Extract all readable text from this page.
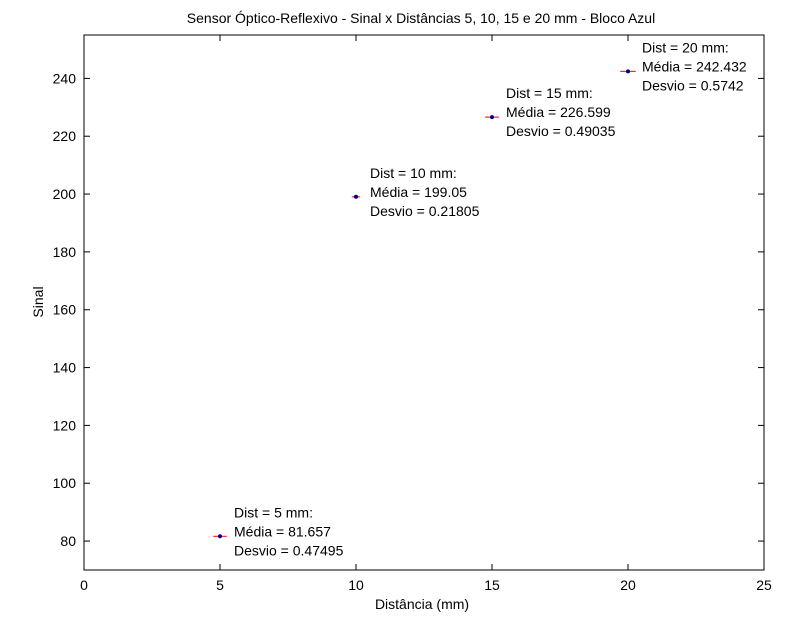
Sensor Óptico-Reflexivo - Sinal x Distâncias 5, 10, 15 e 20 mm - Bloco Azul
0	5	10	15	20	25
80
100
120
140
160
180
200
220
240
Dist = 5 mm:
Média = 81.657
Desvio = 0.47495
Dist = 10 mm:
Média = 199.05
Desvio = 0.21805
Dist = 15 mm:
Média = 226.599
Desvio = 0.49035
Dist = 20 mm:
Média = 242.432
Desvio = 0.5742
Distância (mm)
Sinal
